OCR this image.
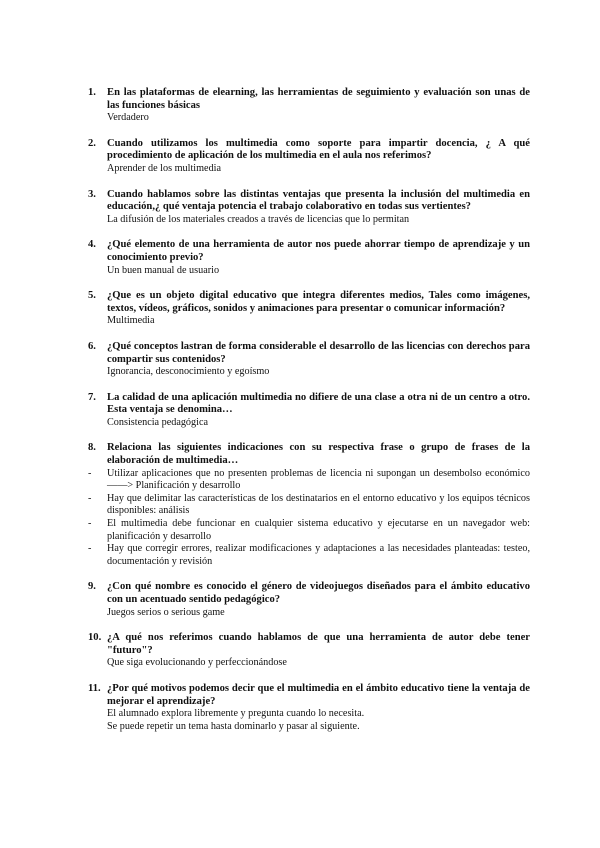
1. En las plataformas de elearning, las herramientas de seguimiento y evaluación son unas de las funciones básicas
Verdadero
2. Cuando utilizamos los multimedia como soporte para impartir docencia, ¿ A qué procedimiento de aplicación de los multimedia en el aula nos referimos?
Aprender de los multimedia
3. Cuando hablamos sobre las distintas ventajas que presenta la inclusión del multimedia en educación,¿ qué ventaja potencia el trabajo colaborativo en todas sus vertientes?
La difusión de los materiales creados a través de licencias que lo permitan
4. ¿Qué elemento de una herramienta de autor nos puede ahorrar tiempo de aprendizaje y un conocimiento previo?
Un buen manual de usuario
5. ¿Que es un objeto digital educativo que integra diferentes medios, Tales como imágenes, textos, vídeos, gráficos, sonidos y animaciones para presentar o comunicar información?
Multimedia
6. ¿Qué conceptos lastran de forma considerable el desarrollo de las licencias con derechos para compartir sus contenidos?
Ignorancia, desconocimiento y egoísmo
7. La calidad de una aplicación multimedia no difiere de una clase a otra ni de un centro a otro. Esta ventaja se denomina…
Consistencia pedagógica
8. Relaciona las siguientes indicaciones con su respectiva frase o grupo de frases de la elaboración de multimedia…
- Utilizar aplicaciones que no presenten problemas de licencia ni supongan un desembolso económico——> Planificación y desarrollo
- Hay que delimitar las características de los destinatarios en el entorno educativo y los equipos técnicos disponibles: análisis
- El multimedia debe funcionar en cualquier sistema educativo y ejecutarse en un navegador web: planificación y desarrollo
- Hay que corregir errores, realizar modificaciones y adaptaciones a las necesidades planteadas: testeo, documentación y revisión
9. ¿Con qué nombre es conocido el género de videojuegos diseñados para el ámbito educativo con un acentuado sentido pedagógico?
Juegos serios o serious game
10. ¿A qué nos referimos cuando hablamos de que una herramienta de autor debe tener "futuro"?
Que siga evolucionando y perfeccionándose
11. ¿Por qué motivos podemos decir que el multimedia en el ámbito educativo tiene la ventaja de mejorar el aprendizaje?
El alumnado explora libremente y pregunta cuando lo necesita.
Se puede repetir un tema hasta dominarlo y pasar al siguiente.
